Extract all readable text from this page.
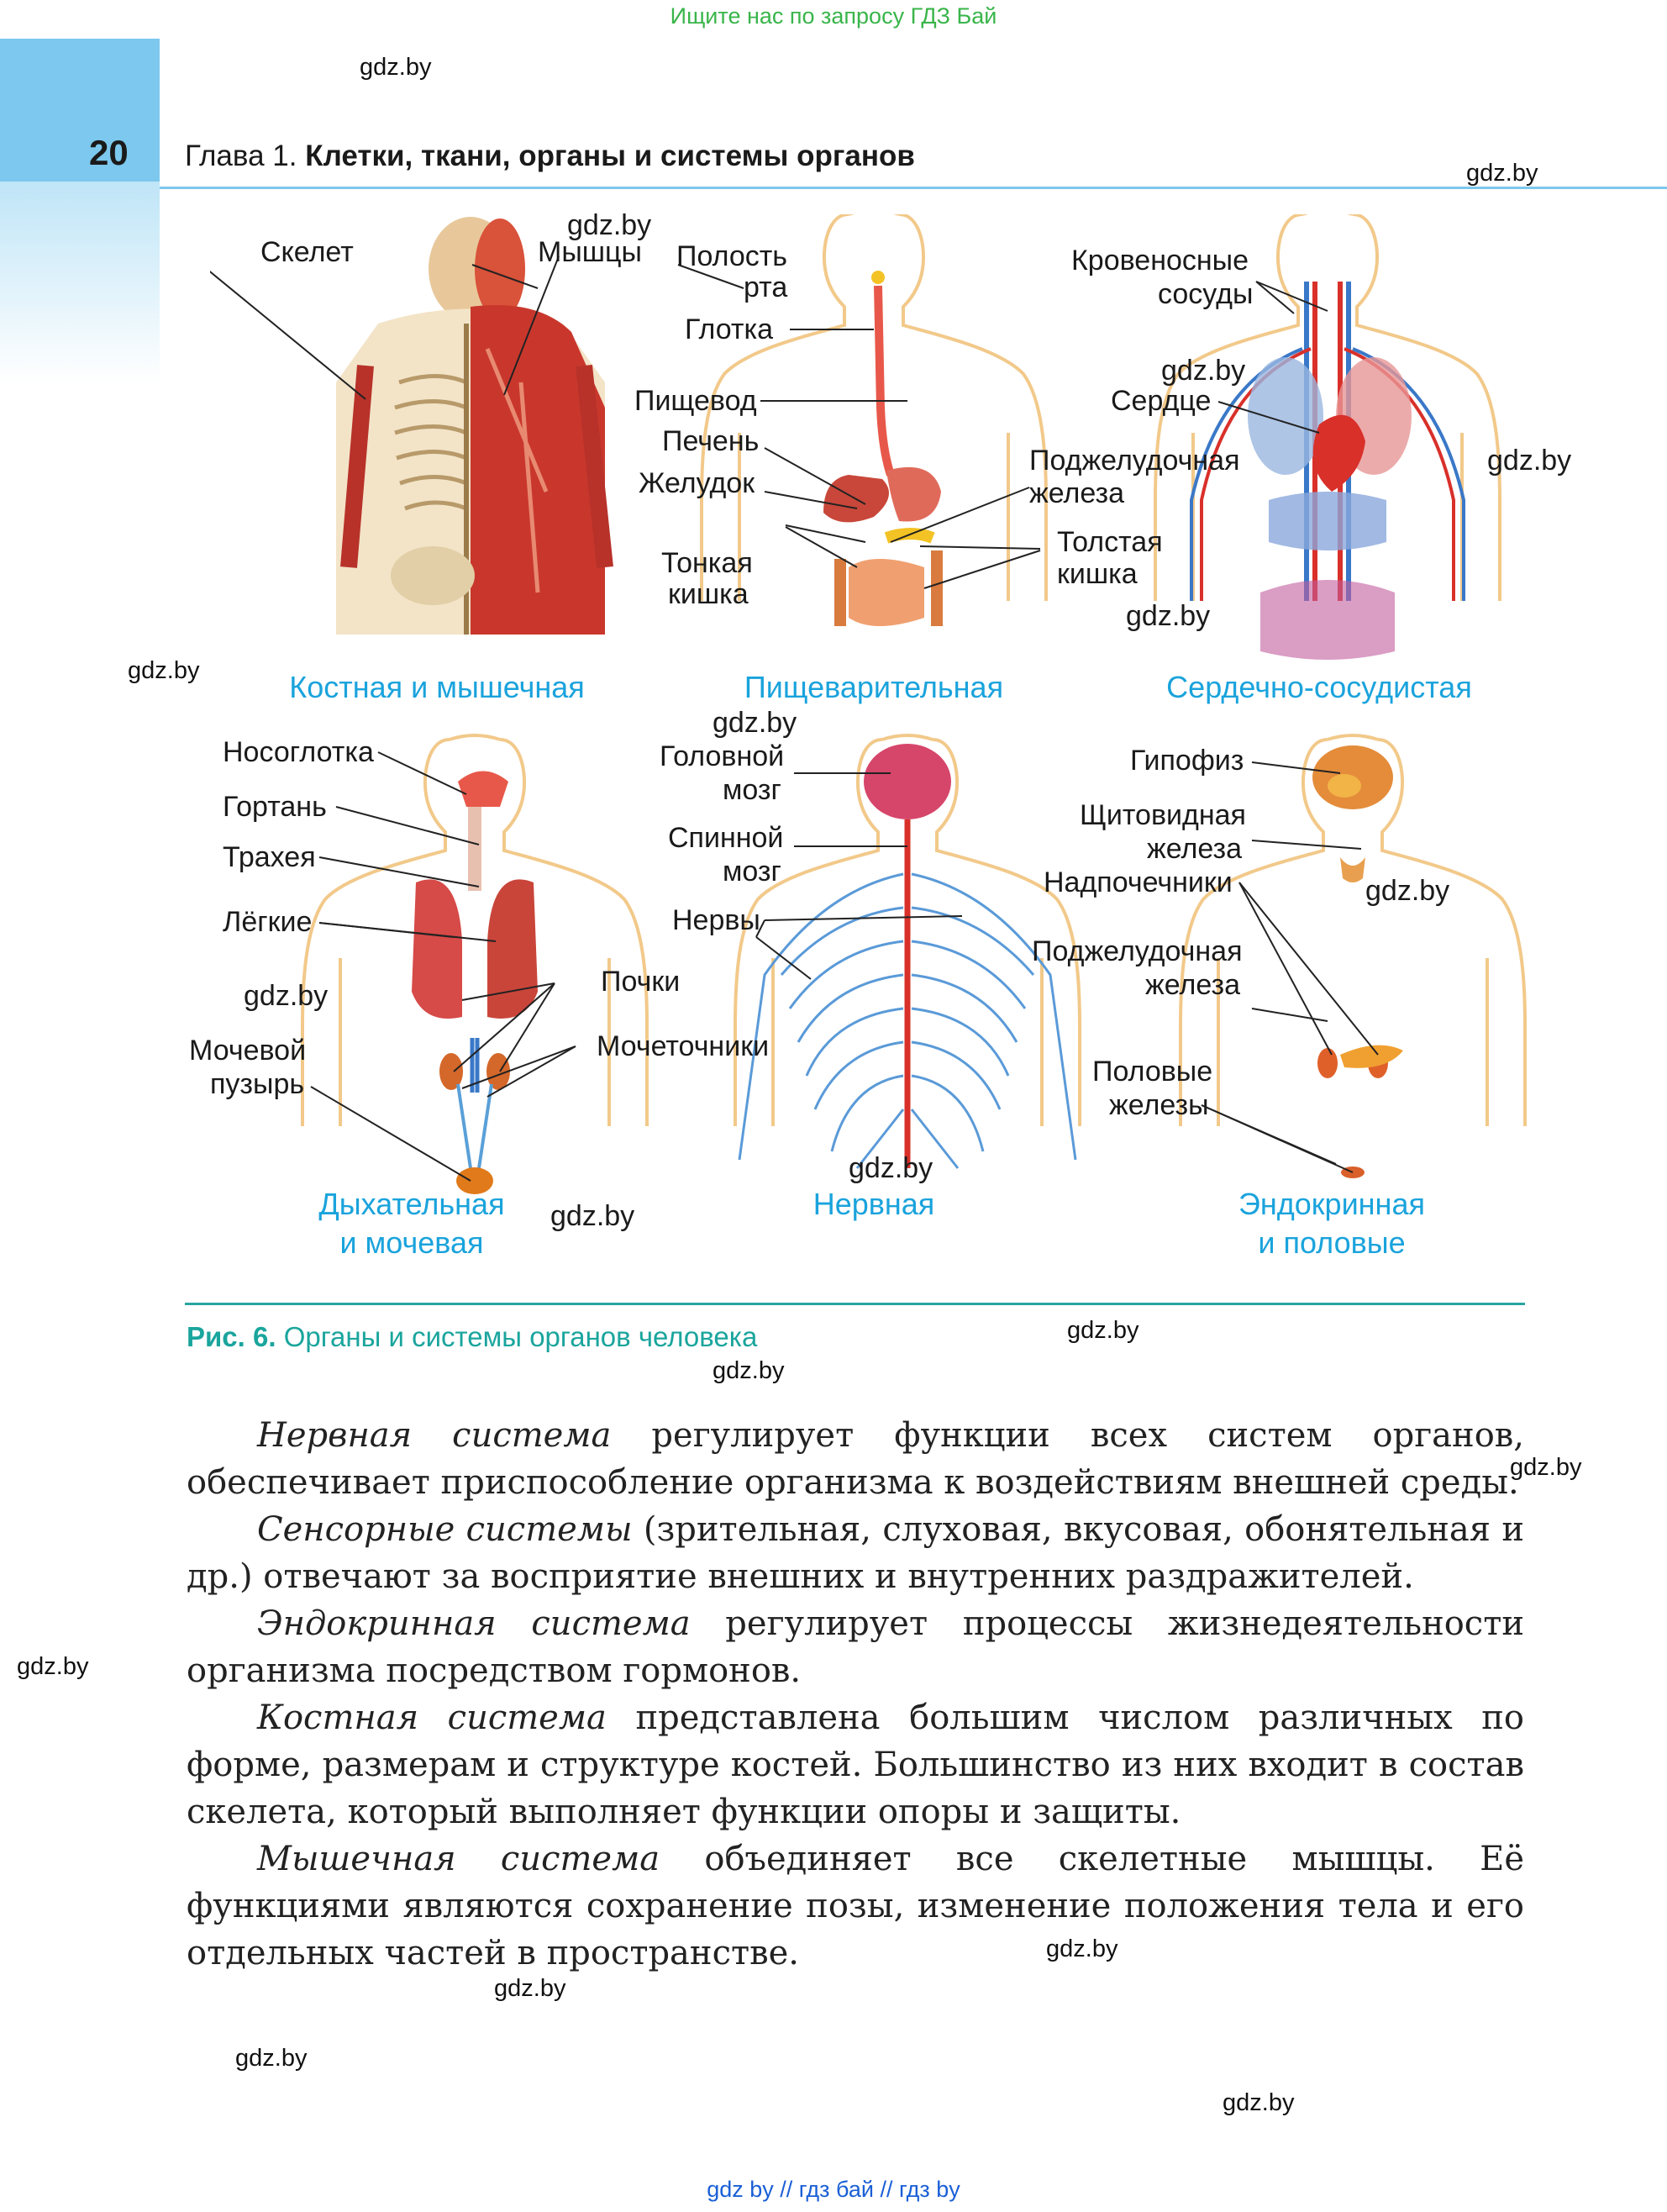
Ищите нас по запросу ГДЗ Бай
20 Глава 1. Клетки, ткани, органы и системы органов
gdz.by
gdz.by
gdz.by
gdz.by
gdz.by
gdz.by
gdz.by
gdz.by
gdz.by
gdz.by
gdz.by
gdz.by
gdz.by
gdz.by
gdz.by
gdz.by
gdz.by
gdz.by
gdz.by
gdz.by
Скелет	Мышцы Полость
рта
Глотка
Пищевод
Печень
Желудок
Тонкая
кишка
Поджелудочная
железа
Толстая
кишка
Кровеносные
сосуды
Сердце
Носоглотка
Гортань
Трахея
Лёгкие
Почки
Мочеточники
Мочевой
пузырь
Головной
мозг
Спинной
мозг
Нервы
Гипофиз
Щитовидная
железа
Надпочечники
Поджелудочная
железа
Половые
железы
Костная и мышечная	Пищеварительная	Сердечно-сосудистая
Дыхательная
и мочевая
Нервная	Эндокринная
и половые
Рис. 6. Органы и системы органов человека

Нервная система регулирует функции всех систем органов, обеспечивает приспособление организма к воздействиям внешней среды.

Сенсорные системы (зрительная, слуховая, вкусовая, обонятельная и др.) отвечают за восприятие внешних и внутренних раздражителей.

Эндокринная система регулирует процессы жизнедеятельности организма посредством гормонов.

Костная система представлена большим числом различных по форме, размерам и структуре костей. Большинство из них входит в состав скелета, который выполняет функции опоры и защиты.

Мышечная система объединяет все скелетные мышцы. Её функциями являются сохранение позы, изменение положения тела и его отдельных частей в пространстве.

gdz by // гдз бай // гдз by
